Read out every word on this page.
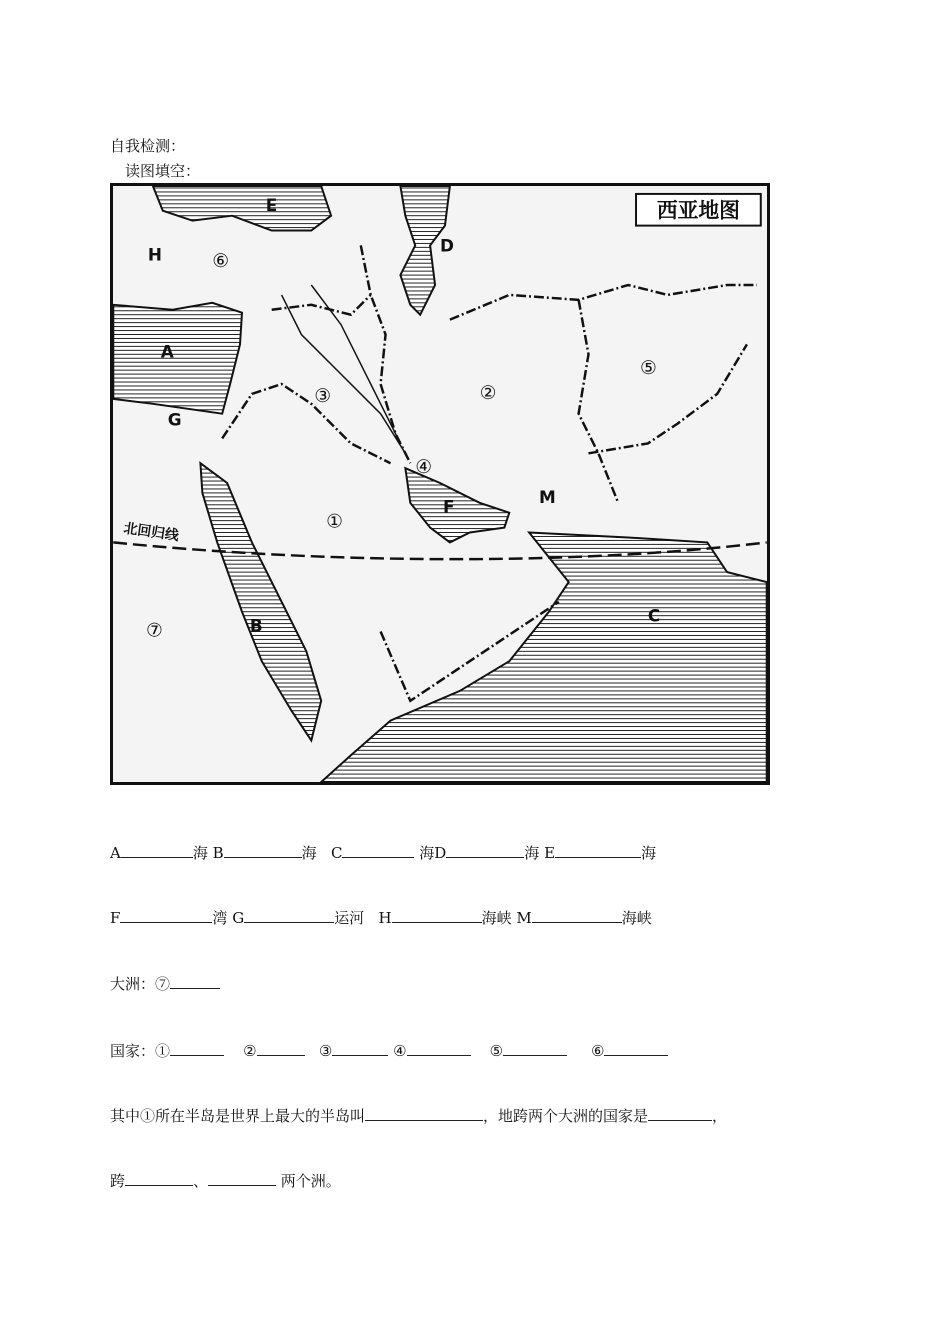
自我检测：
读图填空：
北回归线
西亚地图
A
B	C
D
E
F
G
H
M
①
②
③
④
⑤
⑥
⑦
A	海 B	海 C	海D	海 E	海
F	湾 G	运河 H	海峡 M	海峡
大洲：⑦
国家：①	②	③	④	⑤	⑥
其中①所在半岛是世界上最大的半岛叫	，地跨两个大洲的国家是	，
跨	、	两个洲。
